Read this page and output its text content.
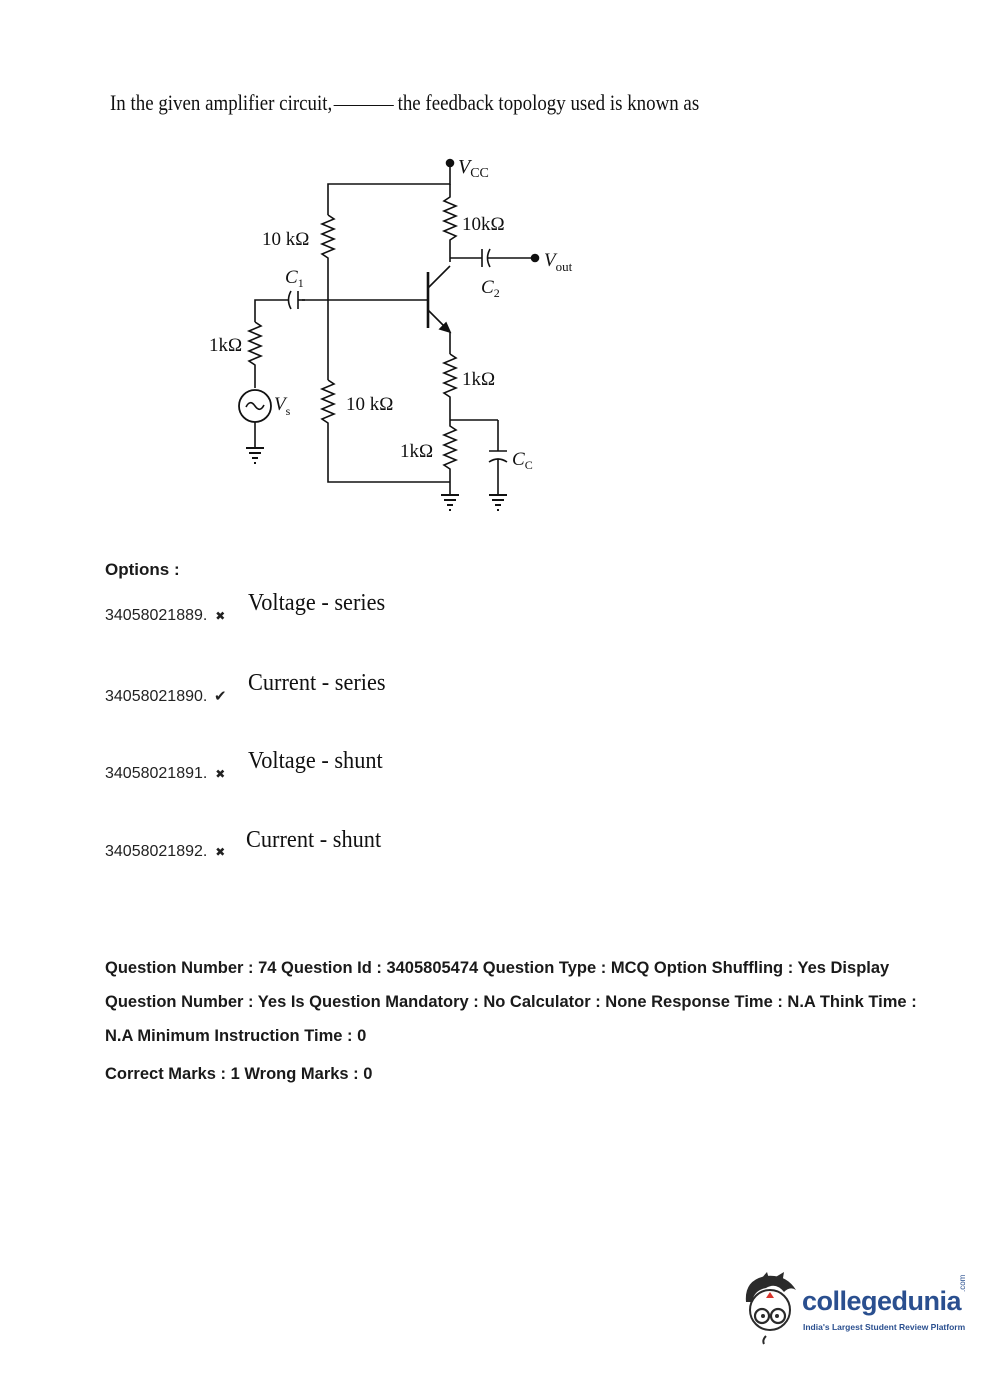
In the given amplifier circuit,	the feedback topology used is known as
$V_{CC}$
10kΩ
$V_{out}$
$C_2$
10 kΩ
$C_1$
1kΩ
$V_s$	10 kΩ
1kΩ
1kΩ	$C_C$
Options :
34058021889. ✖ Voltage - series
34058021890. ✔
Current - series
34058021891. ✖ Voltage - shunt
34058021892. ✖ Current - shunt
Question Number : 74 Question Id : 3405805474 Question Type : MCQ Option Shuffling : Yes Display Question Number : Yes Is Question Mandatory : No Calculator : None Response Time : N.A Think Time : N.A Minimum Instruction Time : 0
Correct Marks : 1 Wrong Marks : 0
collegedunia
.com
India's Largest Student Review Platform
